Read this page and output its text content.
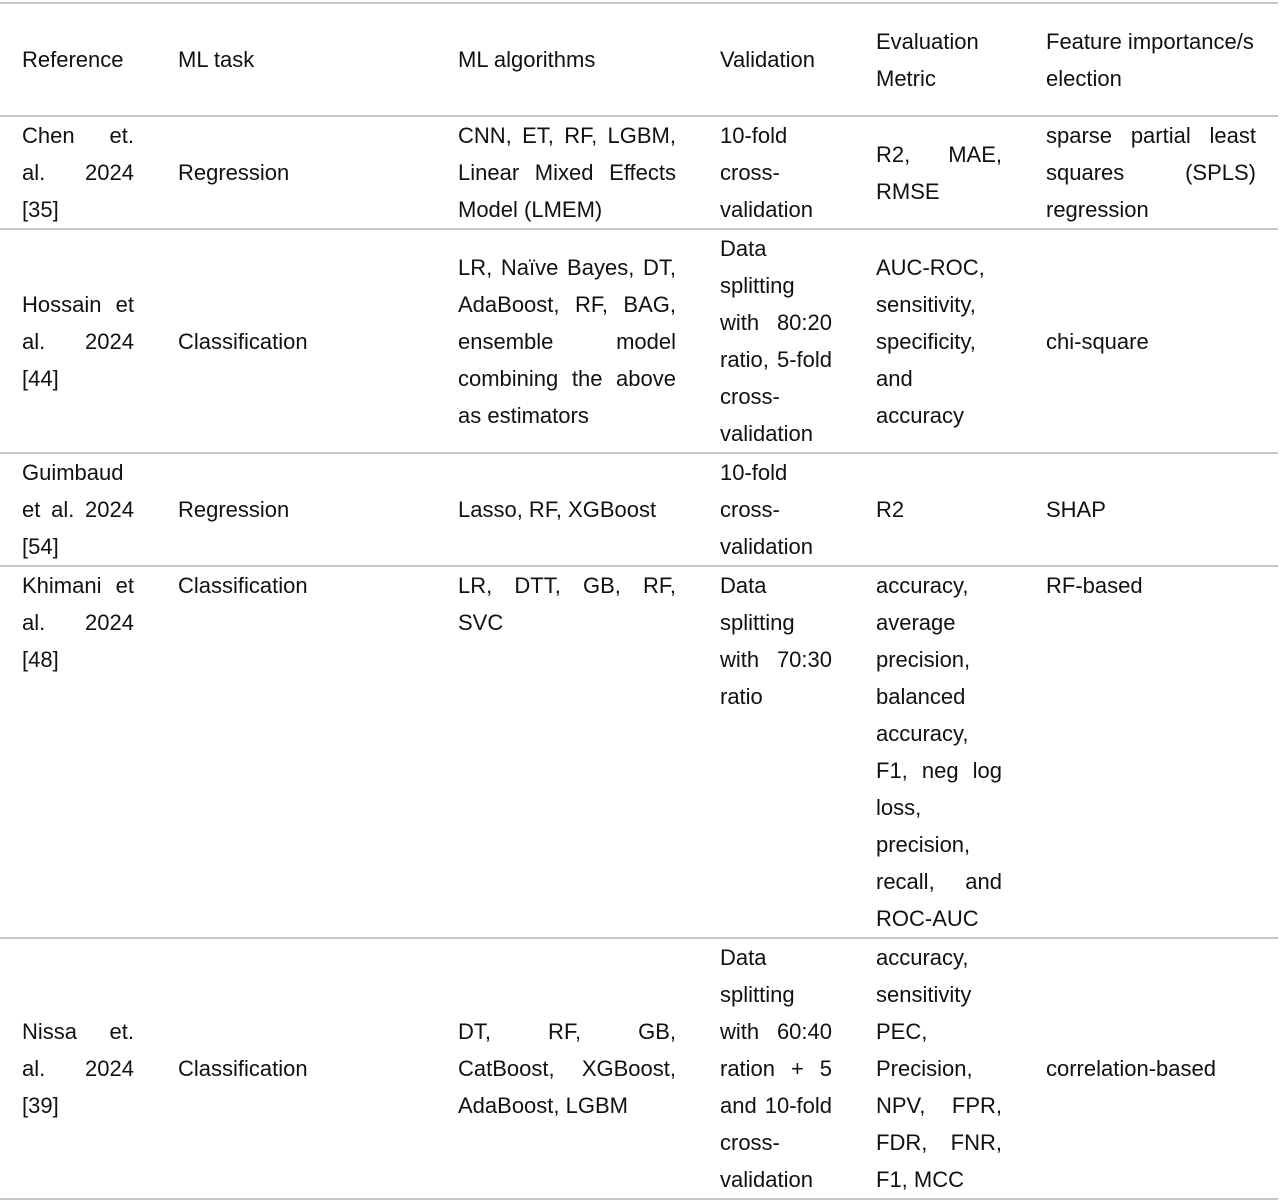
Reference	ML task	ML algorithms	Validation	Evaluation Metric	Feature importance/selection
Chen et. al. 2024 [35]	Regression	CNN, ET, RF, LGBM, Linear Mixed Effects Model (LMEM)	10-fold cross-validation	R2, MAE, RMSE	sparse partial least squares (SPLS) regression
Hossain et al. 2024 [44]	Classification	LR, Naïve Bayes, DT, AdaBoost, RF, BAG, ensemble model combining the above as estimators	Data splitting with 80:20 ratio, 5-fold cross-validation	AUC-ROC, sensitivity, specificity, and accuracy	chi-square
Guimbaud et al. 2024 [54]	Regression	Lasso, RF, XGBoost	10-fold cross-validation	R2	SHAP
Khimani et al. 2024 [48]	Classification	LR, DTT, GB, RF, SVC	Data splitting with 70:30 ratio	accuracy, average precision, balanced accuracy, F1, neg log loss, precision, recall, and ROC-AUC	RF-based
Nissa et. al. 2024 [39]	Classification	DT, RF, GB, CatBoost, XGBoost, AdaBoost, LGBM	Data splitting with 60:40 ration + 5 and 10-fold cross-validation	accuracy, sensitivity PEC, Precision, NPV, FPR, FDR, FNR, F1, MCC	correlation-based
